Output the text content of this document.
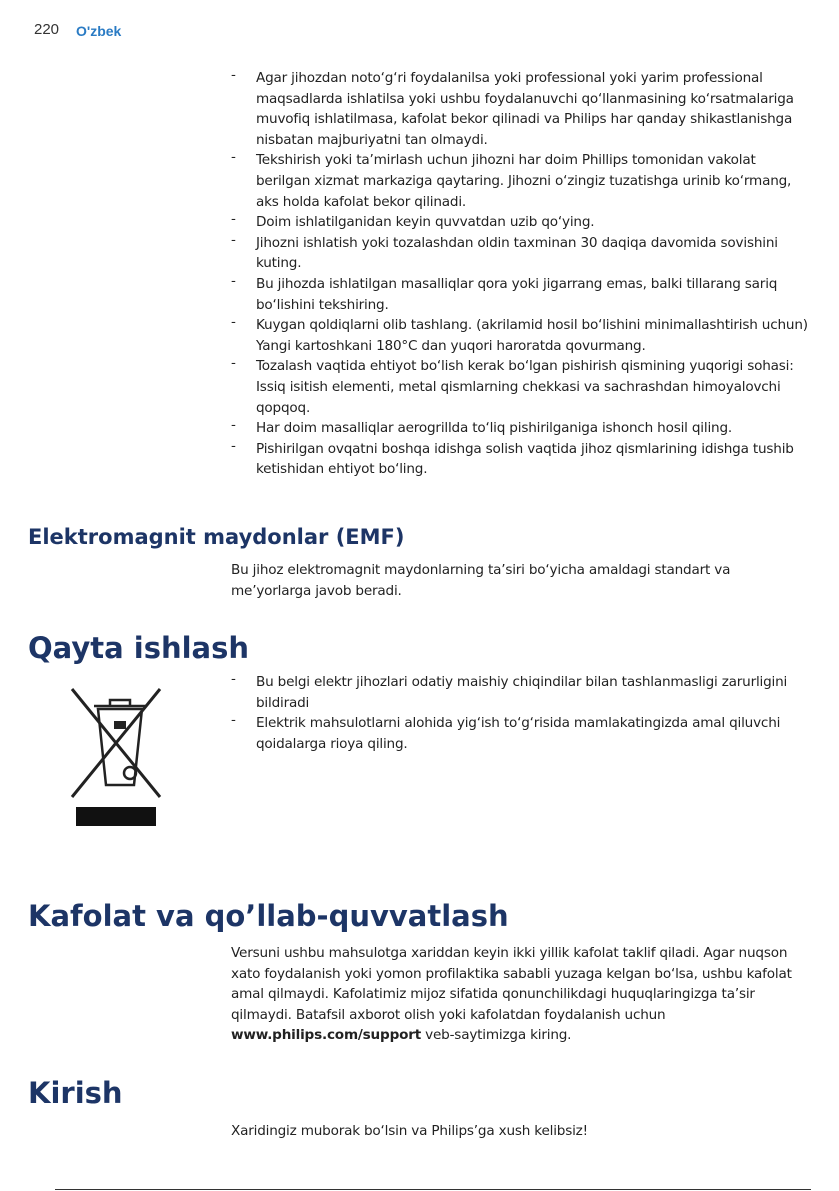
220 O'zbek
- Agar jihozdan noto‘g‘ri foydalanilsa yoki professional yoki yarim professional maqsadlarda ishlatilsa yoki ushbu foydalanuvchi qo‘llanmasining ko‘rsatmalariga muvofiq ishlatilmasa, kafolat bekor qilinadi va Philips har qanday shikastlanishga nisbatan majburiyatni tan olmaydi.
- Tekshirish yoki ta’mirlash uchun jihozni har doim Phillips tomonidan vakolat berilgan xizmat markaziga qaytaring. Jihozni o‘zingiz tuzatishga urinib ko‘rmang, aks holda kafolat bekor qilinadi.
- Doim ishlatilganidan keyin quvvatdan uzib qo‘ying.
- Jihozni ishlatish yoki tozalashdan oldin taxminan 30 daqiqa davomida sovishini kuting.
- Bu jihozda ishlatilgan masalliqlar qora yoki jigarrang emas, balki tillarang sariq bo‘lishini tekshiring.
- Kuygan qoldiqlarni olib tashlang. (akrilamid hosil bo‘lishini minimallashtirish uchun) Yangi kartoshkani 180°C dan yuqori haroratda qovurmang.
- Tozalash vaqtida ehtiyot bo‘lish kerak bo‘lgan pishirish qismining yuqorigi sohasi: Issiq isitish elementi, metal qismlarning chekkasi va sachrashdan himoyalovchi qopqoq.
- Har doim masalliqlar aerogrillda to‘liq pishirilganiga ishonch hosil qiling.
- Pishirilgan ovqatni boshqa idishga solish vaqtida jihoz qismlarining idishga tushib ketishidan ehtiyot bo‘ling.
Elektromagnit maydonlar (EMF)
Bu jihoz elektromagnit maydonlarning ta’siri bo‘yicha amaldagi standart va me’yorlarga javob beradi.
Qayta ishlash
- Bu belgi elektr jihozlari odatiy maishiy chiqindilar bilan tashlanmasligi zarurligini bildiradi
- Elektrik mahsulotlarni alohida yig‘ish to‘g‘risida mamlakatingizda amal qiluvchi qoidalarga rioya qiling.
Kafolat va qo’llab-quvvatlash
Versuni ushbu mahsulotga xariddan keyin ikki yillik kafolat taklif qiladi. Agar nuqson xato foydalanish yoki yomon profilaktika sababli yuzaga kelgan bo‘lsa, ushbu kafolat amal qilmaydi. Kafolatimiz mijoz sifatida qonunchilikdagi huquqlaringizga ta’sir qilmaydi. Batafsil axborot olish yoki kafolatdan foydalanish uchun www.philips.com/support veb-saytimizga kiring.
Kirish
Xaridingiz muborak bo‘lsin va Philips’ga xush kelibsiz!
